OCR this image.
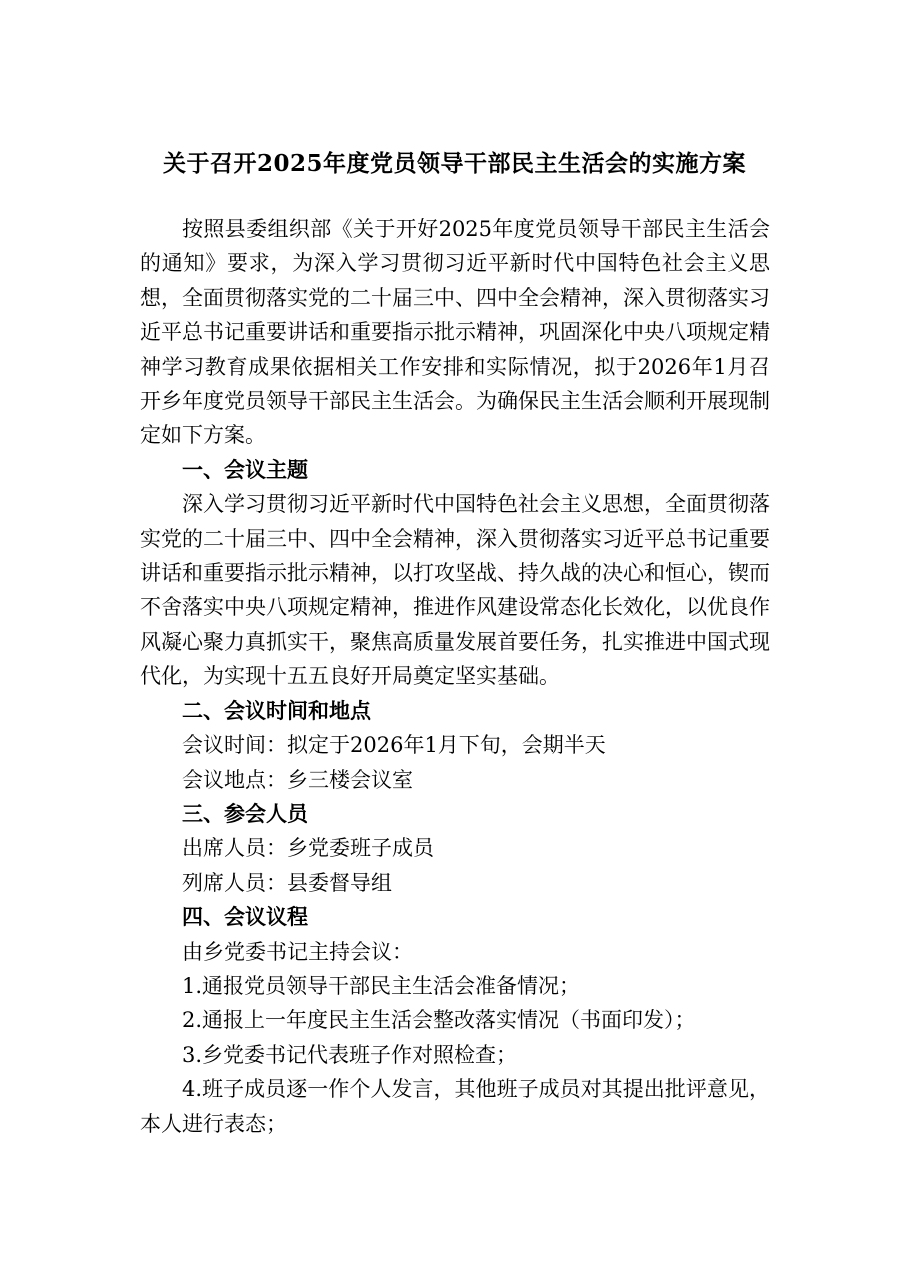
关于召开2025年度党员领导干部民主生活会的实施方案

按照县委组织部《关于开好2025年度党员领导干部民主生活会的通知》要求，为深入学习贯彻习近平新时代中国特色社会主义思想，全面贯彻落实党的二十届三中、四中全会精神，深入贯彻落实习近平总书记重要讲话和重要指示批示精神，巩固深化中央八项规定精神学习教育成果依据相关工作安排和实际情况，拟于2026年1月召开乡年度党员领导干部民主生活会。为确保民主生活会顺利开展现制定如下方案。

一、会议主题

深入学习贯彻习近平新时代中国特色社会主义思想，全面贯彻落实党的二十届三中、四中全会精神，深入贯彻落实习近平总书记重要讲话和重要指示批示精神，以打攻坚战、持久战的决心和恒心，锲而不舍落实中央八项规定精神，推进作风建设常态化长效化，以优良作风凝心聚力真抓实干，聚焦高质量发展首要任务，扎实推进中国式现代化，为实现十五五良好开局奠定坚实基础。

二、会议时间和地点

会议时间：拟定于2026年1月下旬，会期半天

会议地点：乡三楼会议室

三、参会人员

出席人员：乡党委班子成员

列席人员：县委督导组

四、会议议程

由乡党委书记主持会议：

1.通报党员领导干部民主生活会准备情况；

2.通报上一年度民主生活会整改落实情况（书面印发）；

3.乡党委书记代表班子作对照检查；

4.班子成员逐一作个人发言，其他班子成员对其提出批评意见，本人进行表态；
